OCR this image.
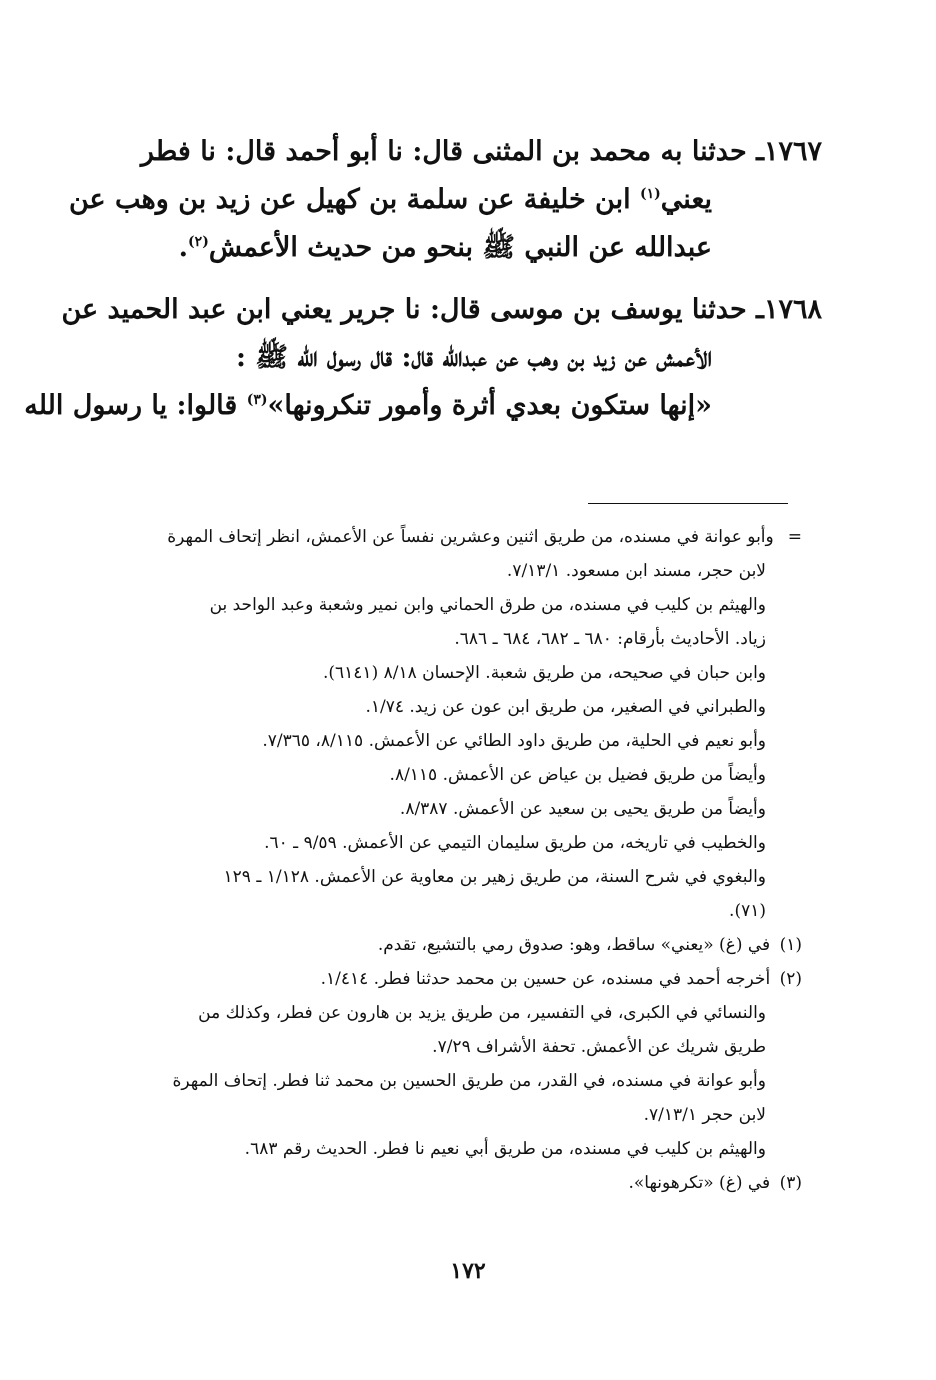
١٧٦٧ـ حدثنا به محمد بن المثنى قال: نا أبو أحمد قال: نا فطر
يعني$^{(١)}$ ابن خليفة عن سلمة بن كهيل عن زيد بن وهب عن
عبدالله عن النبي ﷺ بنحو من حديث الأعمش$^{(٢)}$.
١٧٦٨ـ حدثنا يوسف بن موسى قال: نا جرير يعني ابن عبد الحميد عن
الأعمش عن زيد بن وهب عن عبدالله قال: قال رسول الله ﷺ :
«إنها ستكون بعدي أثرة وأمور تنكرونها»$^{(٣)}$ قالوا: يا رسول الله
=وأبو عوانة في مسنده، من طريق اثنين وعشرين نفساً عن الأعمش، انظر إتحاف المهرة
لابن حجر، مسند ابن مسعود. ٧/١٣/١.
والهيثم بن كليب في مسنده، من طرق الحماني وابن نمير وشعبة وعبد الواحد بن
زياد. الأحاديث بأرقام: ٦٨٠ ـ ٦٨٢، ٦٨٤ ـ ٦٨٦.
وابن حبان في صحيحه، من طريق شعبة. الإحسان ٨/١٨ (٦١٤١).
والطبراني في الصغير، من طريق ابن عون عن زيد. ١/٧٤.
وأبو نعيم في الحلية، من طريق داود الطائي عن الأعمش. ٨/١١٥، ٧/٣٦٥.
وأيضاً من طريق فضيل بن عياض عن الأعمش. ٨/١١٥.
وأيضاً من طريق يحيى بن سعيد عن الأعمش. ٨/٣٨٧.
والخطيب في تاريخه، من طريق سليمان التيمي عن الأعمش. ٩/٥٩ ـ ٦٠.
والبغوي في شرح السنة، من طريق زهير بن معاوية عن الأعمش. ١/١٢٨ ـ ١٢٩
(٧١).
(١) في (غ) «يعني» ساقط، وهو: صدوق رمي بالتشيع، تقدم.
(٢) أخرجه أحمد في مسنده، عن حسين بن محمد حدثنا فطر. ١/٤١٤.
والنسائي في الكبرى، في التفسير، من طريق يزيد بن هارون عن فطر، وكذلك من
طريق شريك عن الأعمش. تحفة الأشراف ٧/٢٩.
وأبو عوانة في مسنده، في القدر، من طريق الحسين بن محمد ثنا فطر. إتحاف المهرة
لابن حجر ٧/١٣/١.
والهيثم بن كليب في مسنده، من طريق أبي نعيم نا فطر. الحديث رقم ٦٨٣.
(٣) في (غ) «تكرهونها».
١٧٢
